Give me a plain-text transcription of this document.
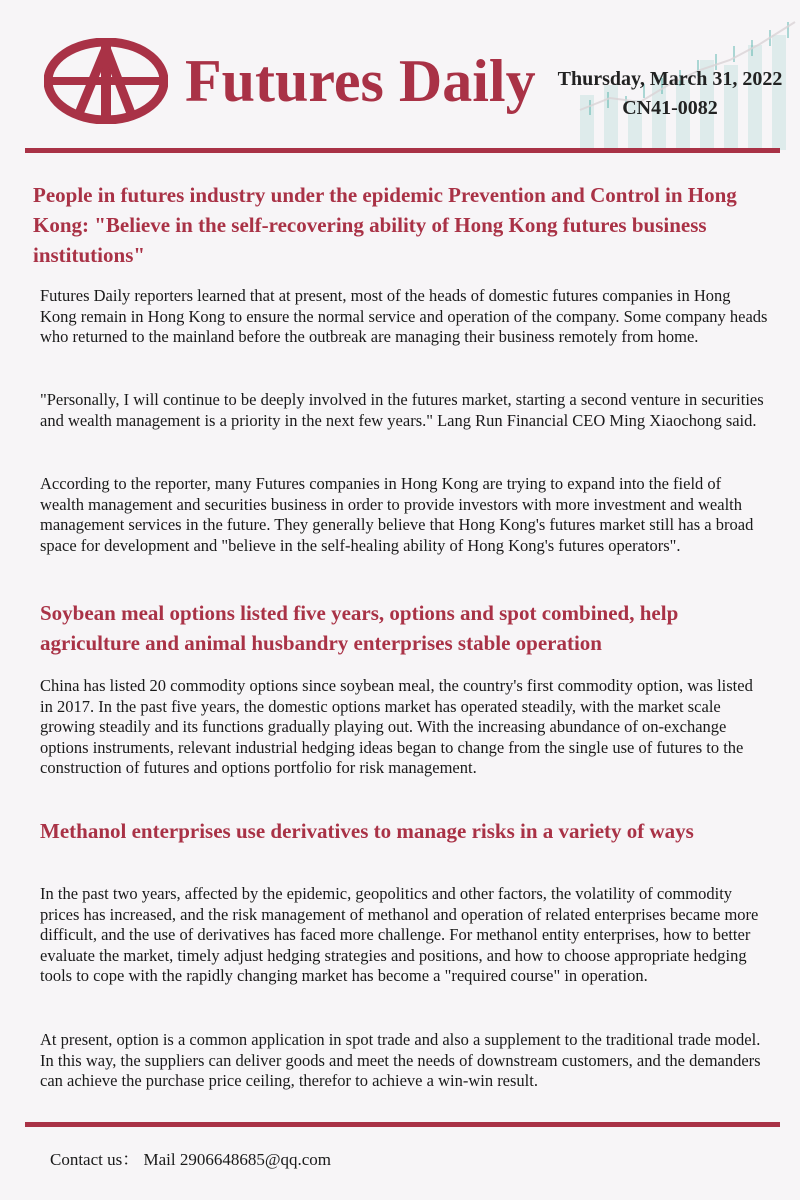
Futures Daily Thursday, March 31, 2022
CN41-0082
People in futures industry under the epidemic Prevention and Control in Hong Kong: "Believe in the self-recovering ability of Hong Kong futures business institutions"

Futures Daily reporters learned that at present, most of the heads of domestic futures companies in Hong Kong remain in Hong Kong to ensure the normal service and operation of the company. Some company heads who returned to the mainland before the outbreak are managing their business remotely from home.

"Personally, I will continue to be deeply involved in the futures market, starting a second venture in securities and wealth management is a priority in the next few years." Lang Run Financial CEO Ming Xiaochong said.

According to the reporter, many Futures companies in Hong Kong are trying to expand into the field of wealth management and securities business in order to provide investors with more investment and wealth management services in the future. They generally believe that Hong Kong's futures market still has a broad space for development and "believe in the self-healing ability of Hong Kong's futures operators".

Soybean meal options listed five years, options and spot combined, help agriculture and animal husbandry enterprises stable operation

China has listed 20 commodity options since soybean meal, the country's first commodity option, was listed in 2017. In the past five years, the domestic options market has operated steadily, with the market scale growing steadily and its functions gradually playing out. With the increasing abundance of on-exchange options instruments, relevant industrial hedging ideas began to change from the single use of futures to the construction of futures and options portfolio for risk management.

Methanol enterprises use derivatives to manage risks in a variety of ways

In the past two years, affected by the epidemic, geopolitics and other factors, the volatility of commodity prices has increased, and the risk management of methanol and operation of related enterprises became more difficult, and the use of derivatives has faced more challenge. For methanol entity enterprises, how to better evaluate the market, timely adjust hedging strategies and positions, and how to choose appropriate hedging tools to cope with the rapidly changing market has become a "required course" in operation.

At present, option is a common application in spot trade and also a supplement to the traditional trade model. In this way, the suppliers can deliver goods and meet the needs of downstream customers, and the demanders can achieve the purchase price ceiling, therefor to achieve a win-win result.

Contact us： Mail 2906648685@qq.com
